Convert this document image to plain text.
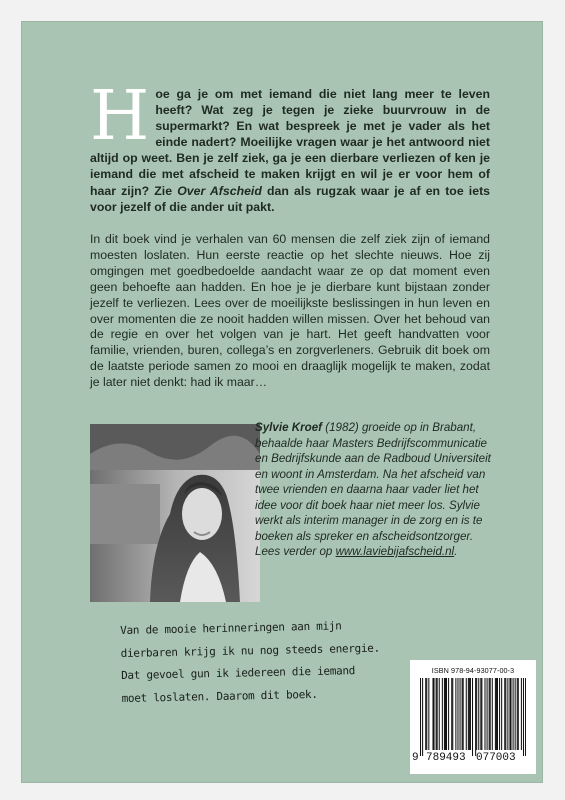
Hoe ga je om met iemand die niet lang meer te leven heeft? Wat zeg je tegen je zieke buurvrouw in de supermarkt? En wat bespreek je met je vader als het einde nadert? Moeilijke vragen waar je het antwoord niet altijd op weet. Ben je zelf ziek, ga je een dierbare verliezen of ken je iemand die met afscheid te maken krijgt en wil je er voor hem of haar zijn? Zie Over Afscheid dan als rugzak waar je af en toe iets voor jezelf of die ander uit pakt.
In dit boek vind je verhalen van 60 mensen die zelf ziek zijn of iemand moesten loslaten. Hun eerste reactie op het slechte nieuws. Hoe zij omgingen met goedbedoelde aandacht waar ze op dat moment even geen behoefte aan hadden. En hoe je je dierbare kunt bijstaan zonder jezelf te verliezen. Lees over de moeilijkste beslissingen in hun leven en over momenten die ze nooit hadden willen missen. Over het behoud van de regie en over het volgen van je hart. Het geeft handvatten voor familie, vrienden, buren, collega’s en zorgverleners. Gebruik dit boek om de laatste periode samen zo mooi en draaglijk mogelijk te maken, zodat je later niet denkt: had ik maar…
Sylvie Kroef (1982) groeide op in Brabant, behaalde haar Masters Bedrijfscommunicatie en Bedrijfskunde aan de Radboud Universiteit en woont in Amsterdam. Na het afscheid van twee vrienden en daarna haar vader liet het idee voor dit boek haar niet meer los. Sylvie werkt als interim manager in de zorg en is te boeken als spreker en afscheidsontzorger. Lees verder op www.laviebijafscheid.nl.
Van de mooie herinneringen aan mijn
dierbaren krijg ik nu nog steeds energie.
Dat gevoel gun ik iedereen die iemand
moet loslaten. Daarom dit boek.
ISBN 978-94-93077-00-3
9 789493 077003
